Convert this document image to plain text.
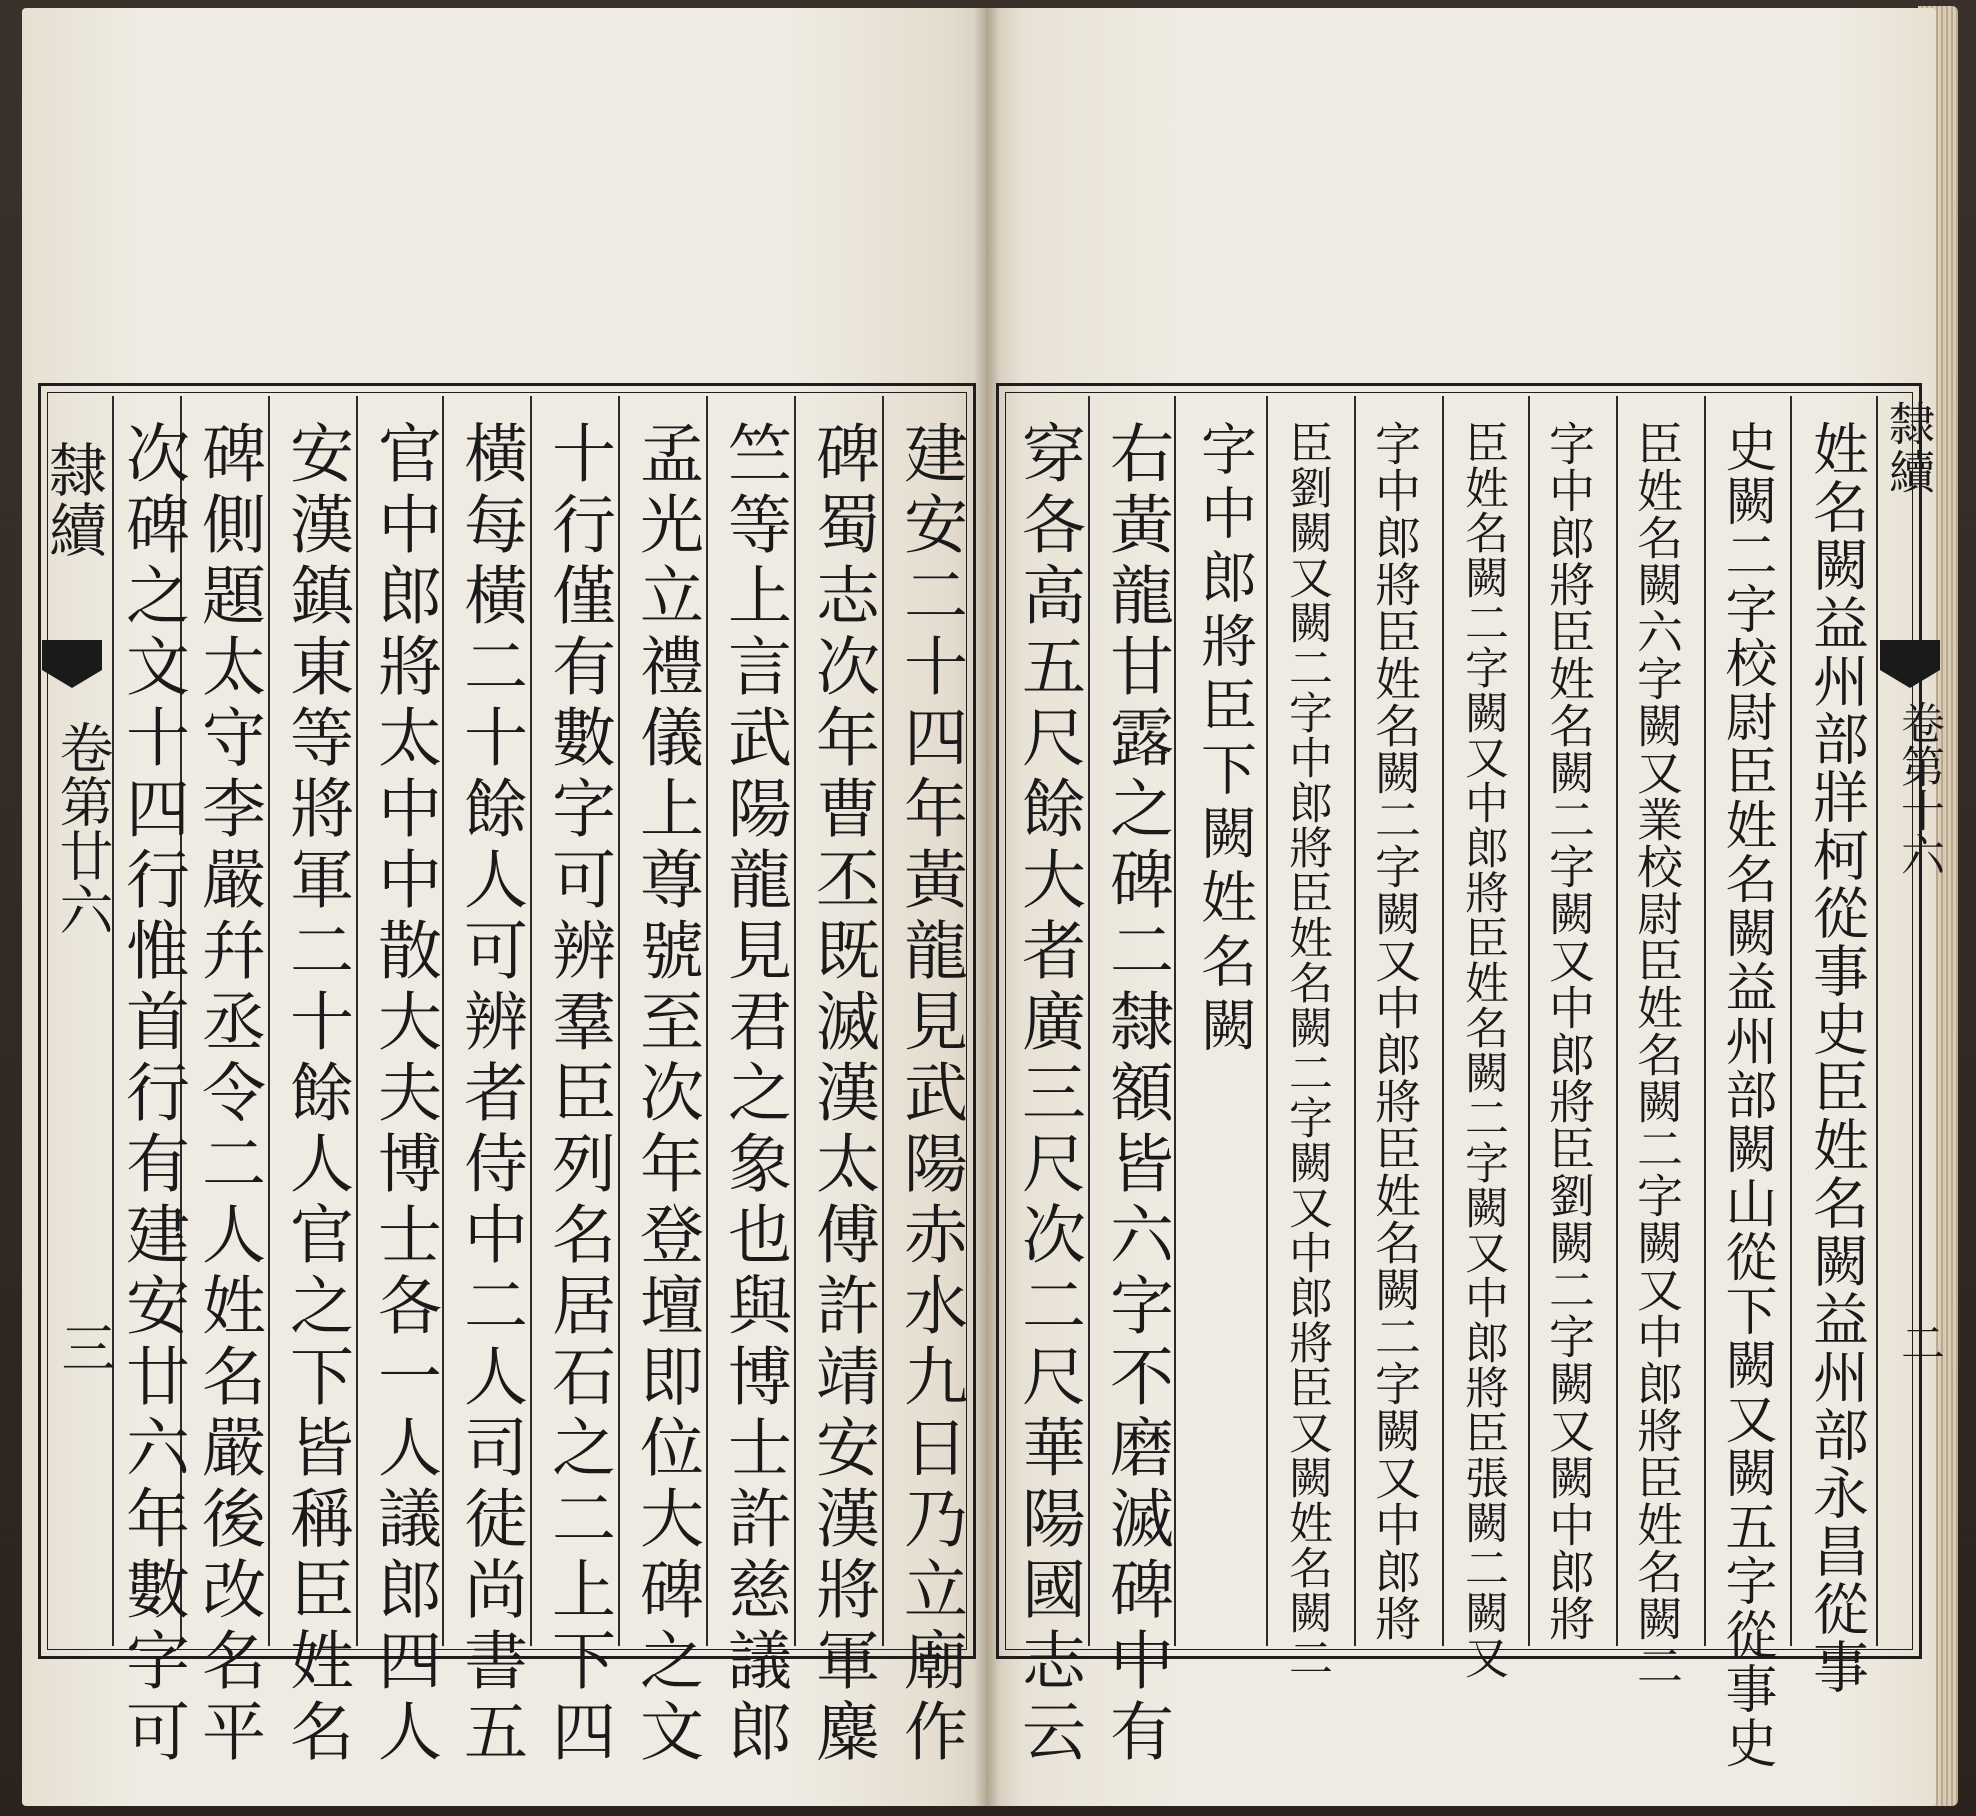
建安二十四年黃龍見武陽赤水九日乃立廟作
碑蜀志次年曹丕既滅漢太傅許靖安漢將軍麋
竺等上言武陽龍見君之象也與博士許慈議郎
孟光立禮儀上尊號至次年登壇即位大碑之文
十行僅有數字可辨羣臣列名居石之二上下四
橫每橫二十餘人可辨者侍中二人司徒尚書五
官中郎將太中中散大夫博士各一人議郎四人
安漢鎮東等將軍二十餘人官之下皆稱臣姓名
碑側題太守李嚴幷丞令二人姓名嚴後改名平
次碑之文十四行惟首行有建安廿六年數字可
隸續
卷第廿六
三	姓名闕益州部牂柯從事史臣姓名闕益州部永昌從事
史闕二字校尉臣姓名闕益州部闕山從下闕又闕五字從事史
臣姓名闕六字闕又業校尉臣姓名闕二字闕又中郎將臣姓名闕二
字中郎將臣姓名闕二字闕又中郎將臣劉闕二字闕又闕中郎將
臣姓名闕二字闕又中郎將臣姓名闕二字闕又中郎將臣張闕二闕又
字中郎將臣姓名闕二字闕又中郎將臣姓名闕二字闕又中郎將
臣劉闕又闕二字中郎將臣姓名闕二字闕又中郎將臣又闕姓名闕二
字中郎將臣下闕姓名闕
右黃龍甘露之碑二隸額皆六字不磨滅碑中有
穿各高五尺餘大者廣三尺次二尺華陽國志云	隸續
卷第十六
二
